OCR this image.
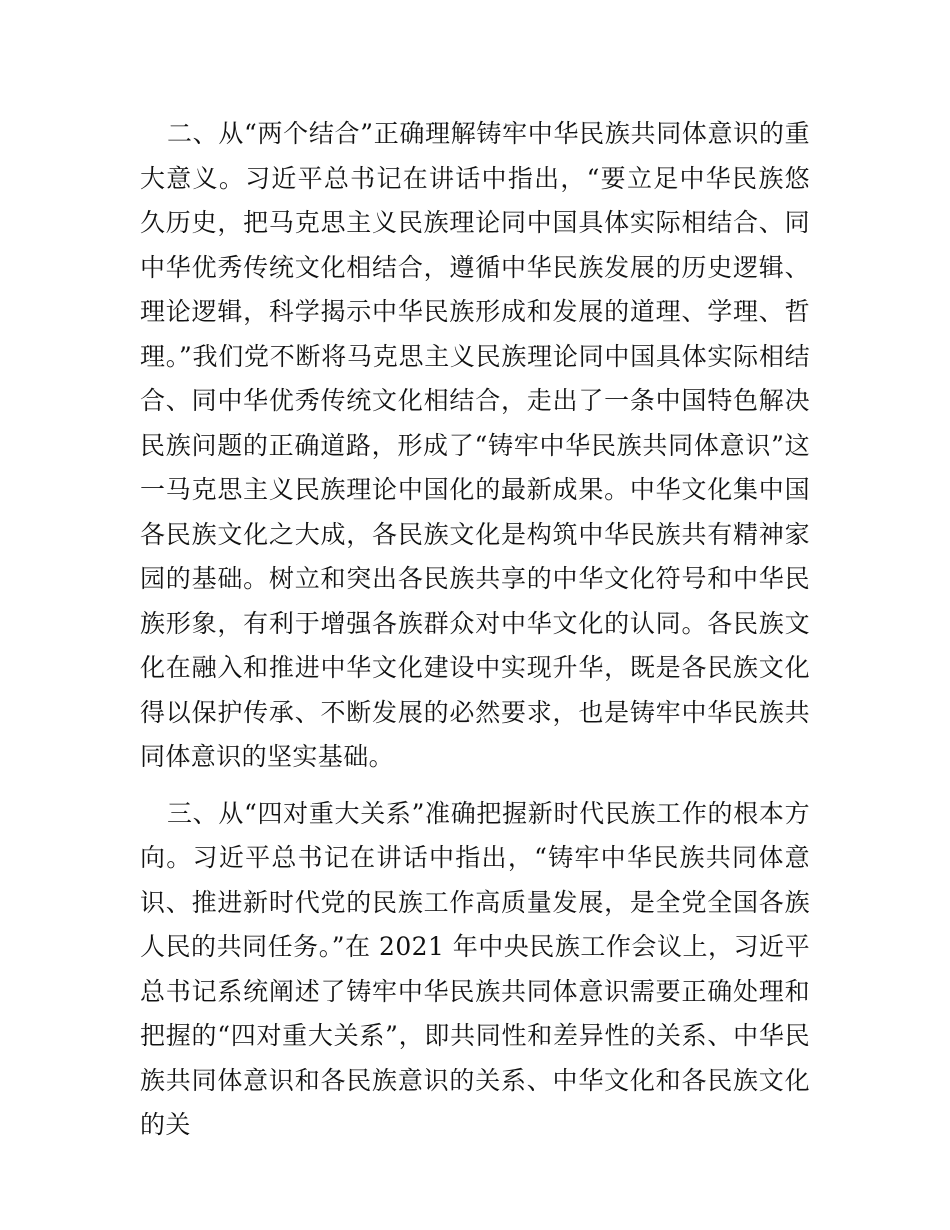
二、从“两个结合”正确理解铸牢中华民族共同体意识的重大意义。习近平总书记在讲话中指出，“要立足中华民族悠久历史，把马克思主义民族理论同中国具体实际相结合、同中华优秀传统文化相结合，遵循中华民族发展的历史逻辑、理论逻辑，科学揭示中华民族形成和发展的道理、学理、哲理。”我们党不断将马克思主义民族理论同中国具体实际相结合、同中华优秀传统文化相结合，走出了一条中国特色解决民族问题的正确道路，形成了“铸牢中华民族共同体意识”这一马克思主义民族理论中国化的最新成果。中华文化集中国各民族文化之大成，各民族文化是构筑中华民族共有精神家园的基础。树立和突出各民族共享的中华文化符号和中华民族形象，有利于增强各族群众对中华文化的认同。各民族文化在融入和推进中华文化建设中实现升华，既是各民族文化得以保护传承、不断发展的必然要求，也是铸牢中华民族共同体意识的坚实基础。

三、从“四对重大关系”准确把握新时代民族工作的根本方向。习近平总书记在讲话中指出，“铸牢中华民族共同体意识、推进新时代党的民族工作高质量发展，是全党全国各族人民的共同任务。”在 2021 年中央民族工作会议上，习近平总书记系统阐述了铸牢中华民族共同体意识需要正确处理和把握的“四对重大关系”，即共同性和差异性的关系、中华民族共同体意识和各民族意识的关系、中华文化和各民族文化的关
